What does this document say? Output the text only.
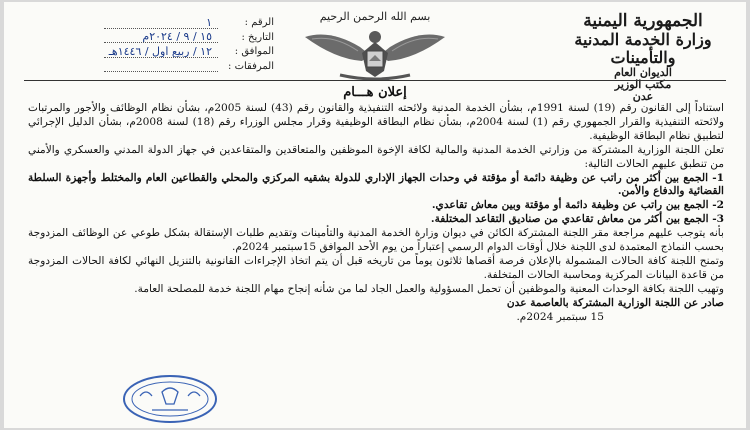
الجمهورية اليمنية
وزارة الخدمة المدنية والتأمينات
الديوان العام
مكتب الوزير
عدن
بسم الله الرحمن الرحيم
الرقم :
١
التاريخ :
١٥ / ٩ / ٢٠٢٤م
الموافق :
١٢ / ربيع أول / ١٤٤٦هـ
المرفقات :
إعلان هـــام

استناداً إلى القانون رقم (19) لسنة 1991م، بشأن الخدمة المدنية ولائحته التنفيذية والقانون رقم (43) لسنة 2005م، بشأن نظام الوظائف والأجور والمرتبات ولائحته التنفيذية والقرار الجمهوري رقم (1) لسنة 2004م، بشأن نظام البطاقة الوظيفية وقرار مجلس الوزراء رقم (18) لسنة 2008م، بشأن الدليل الإجرائي لتطبيق نظام البطاقة الوظيفية.

تعلن اللجنة الوزارية المشتركة من وزارتي الخدمة المدنية والمالية لكافة الإخوة الموظفين والمتعاقدين والمتقاعدين في جهاز الدولة المدني والعسكري والأمني من تنطبق عليهم الحالات التالية:

1- الجمع بين أكثر من راتب عن وظيفة دائمة أو مؤقتة في وحدات الجهاز الإداري للدولة بشقيه المركزي والمحلي والقطاعين العام والمختلط وأجهزة السلطة القضائية والدفاع والأمن.

2- الجمع بين راتب عن وظيفة دائمة أو مؤقتة وبين معاش تقاعدي.

3- الجمع بين أكثر من معاش تقاعدي من صناديق التقاعد المختلفة.

بأنه يتوجب عليهم مراجعة مقر اللجنة المشتركة الكائن في ديوان وزارة الخدمة المدنية والتأمينات وتقديم طلبات الإستقالة بشكل طوعي عن الوظائف المزدوجة بحسب النماذج المعتمدة لدى اللجنة خلال أوقات الدوام الرسمي إعتباراً من يوم الأحد الموافق 15سبتمبر 2024م.

وتمنح اللجنة كافة الحالات المشمولة بالإعلان فرصة أقصاها ثلاثون يوماً من تاريخه قبل أن يتم اتخاذ الإجراءات القانونية بالتنزيل النهائي لكافة الحالات المزدوجة من قاعدة البيانات المركزية ومحاسبة الحالات المتخلفة.

وتهيب اللجنة بكافة الوحدات المعنية والموظفين أن تحمل المسؤولية والعمل الجاد لما من شأنه إنجاح مهام اللجنة خدمة للمصلحة العامة.

صادر عن اللجنة الوزارية المشتركة بالعاصمة عدن

15 سبتمبر 2024م.
